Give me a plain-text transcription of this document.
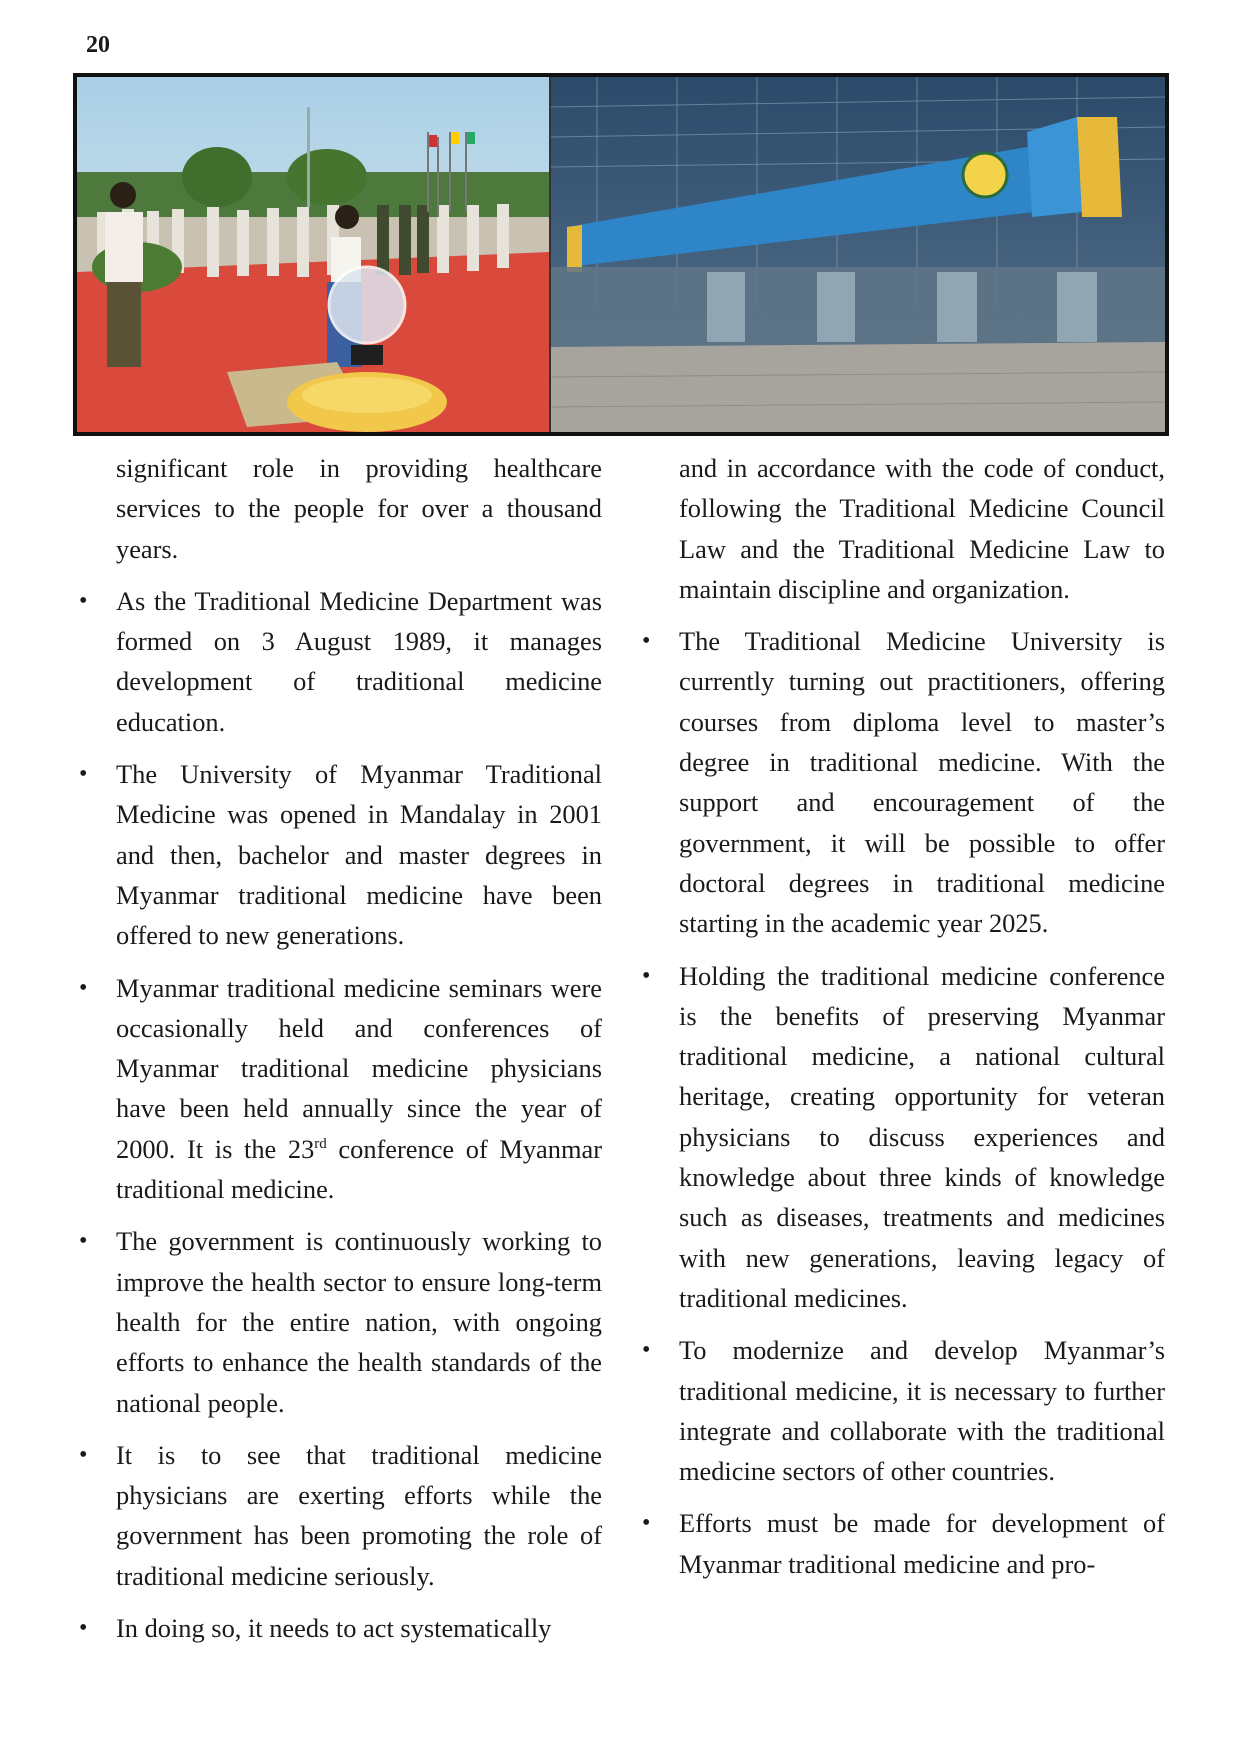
20
significant role in providing healthcare services to the people for over a thousand years.
• As the Traditional Medicine Department was formed on 3 August 1989, it manages development of traditional medicine education.
• The University of Myanmar Traditional Medicine was opened in Mandalay in 2001 and then, bachelor and master degrees in Myanmar traditional medicine have been offered to new generations.
• Myanmar traditional medicine seminars were occasionally held and conferences of Myanmar traditional medicine physicians have been held annually since the year of 2000. It is the 23rd conference of Myanmar traditional medicine.
• The government is continuously working to improve the health sector to ensure long-term health for the entire nation, with ongoing efforts to enhance the health standards of the national people.
• It is to see that traditional medicine physicians are exerting efforts while the government has been promoting the role of traditional medicine seriously.
• In doing so, it needs to act systematically
and in accordance with the code of conduct, following the Traditional Medicine Council Law and the Traditional Medicine Law to maintain discipline and organization.
• The Traditional Medicine University is currently turning out practitioners, offering courses from diploma level to master’s degree in traditional medicine. With the support and encouragement of the government, it will be possible to offer doctoral degrees in traditional medicine starting in the academic year 2025.
• Holding the traditional medicine conference is the benefits of preserving Myanmar traditional medicine, a national cultural heritage, creating opportunity for veteran physicians to discuss experiences and knowledge about three kinds of knowledge such as diseases, treatments and medicines with new generations, leaving legacy of traditional medicines.
• To modernize and develop Myanmar’s traditional medicine, it is necessary to further integrate and collaborate with the traditional medicine sectors of other countries.
• Efforts must be made for development of Myanmar traditional medicine and pro-
